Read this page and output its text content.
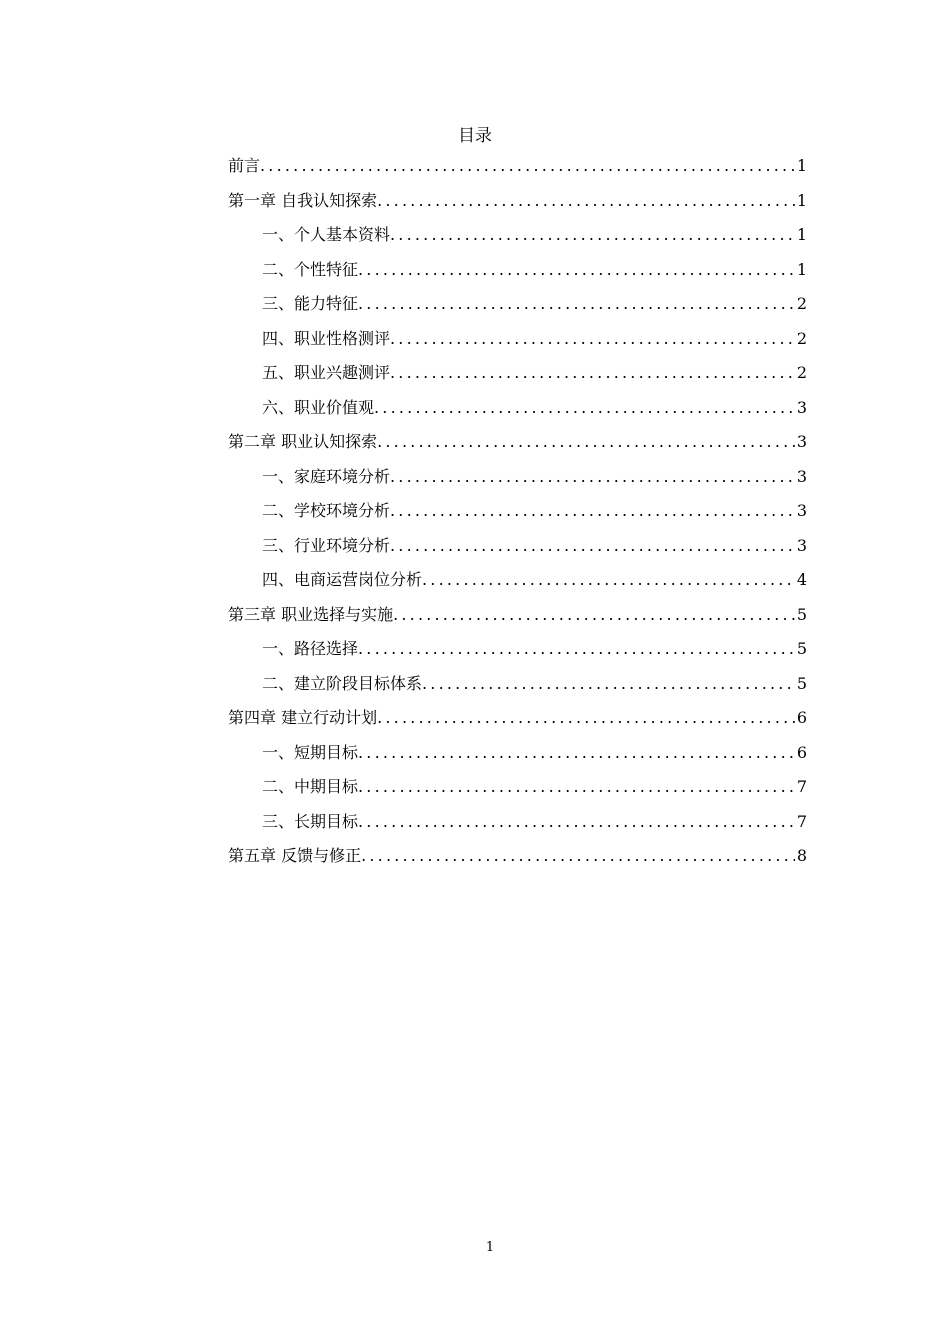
目录
前言 .....	1
第一章 自我认知探索 .....	1
一、个人基本资料 .....	1
二、个性特征 .....	1
三、能力特征 .....	2
四、职业性格测评 .....	2
五、职业兴趣测评 .....	2
六、职业价值观 .....	3
第二章 职业认知探索 .....	3
一、家庭环境分析 .....	3
二、学校环境分析 .....	3
三、行业环境分析 .....	3
四、电商运营岗位分析 .....	4
第三章 职业选择与实施 .....	5
一、路径选择 .....	5
二、建立阶段目标体系 .....	5
第四章 建立行动计划 .....	6
一、短期目标 .....	6
二、中期目标 .....	7
三、长期目标 .....	7
第五章 反馈与修正 .....	8
1
